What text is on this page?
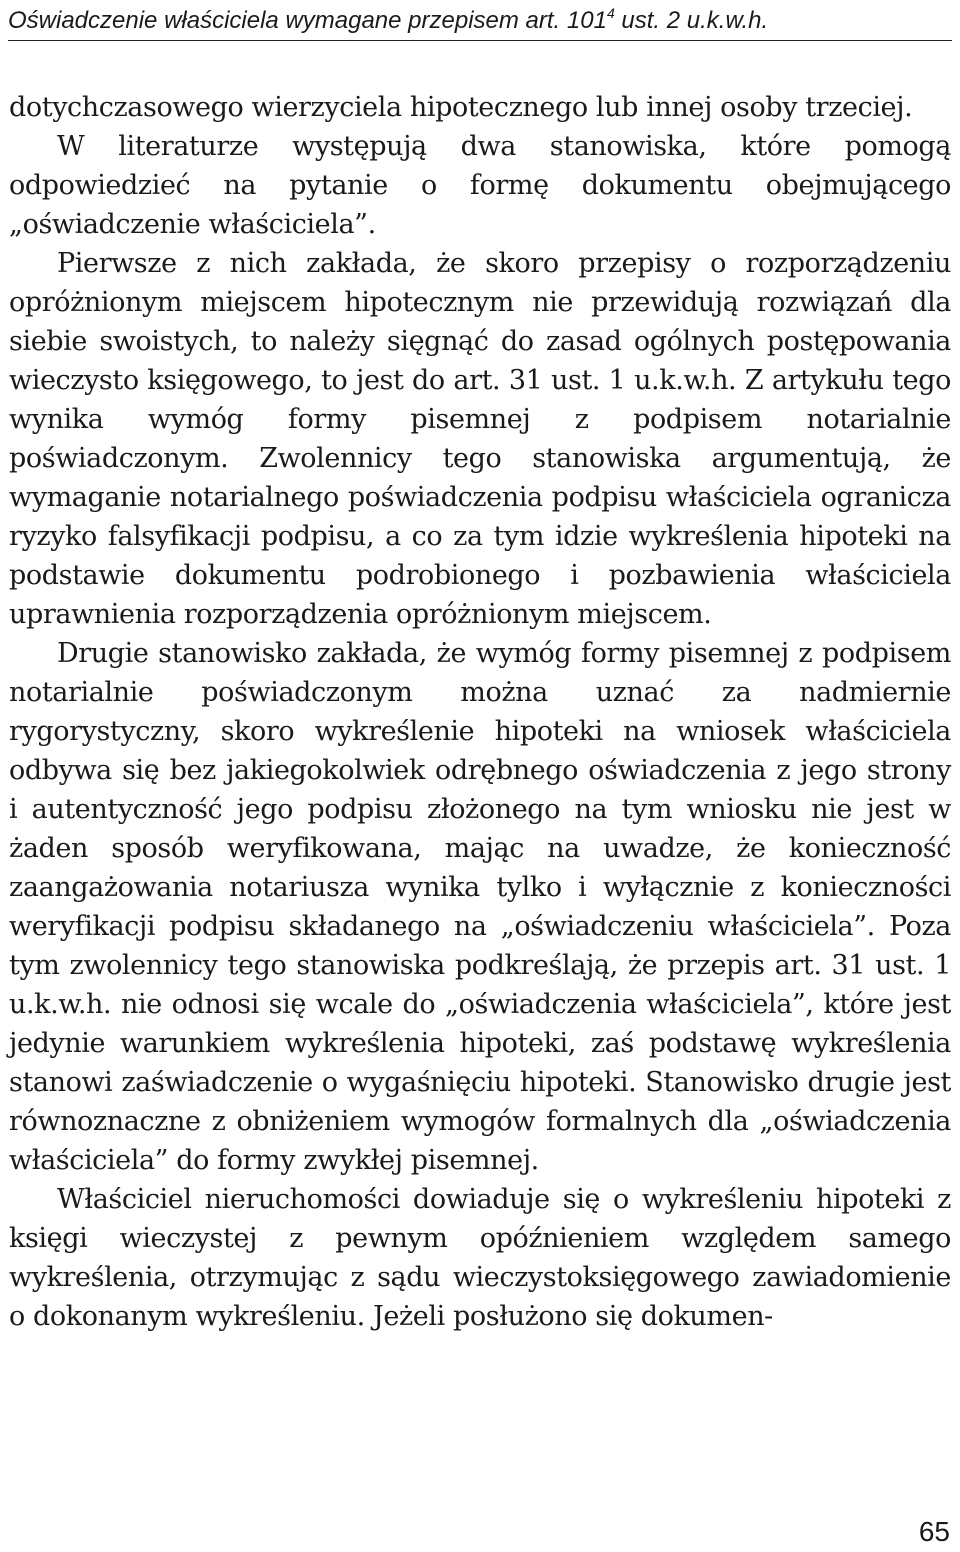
Oświadczenie właściciela wymagane przepisem art. $101^4$ ust. 2 u.k.w.h.

dotychczasowego wierzyciela hipotecznego lub innej osoby trzeciej.

W literaturze występują dwa stanowiska, które pomogą odpowiedzieć na pytanie o formę dokumentu obejmującego „oświadczenie właściciela”.

Pierwsze z nich zakłada, że skoro przepisy o rozporządzeniu opróżnionym miejscem hipotecznym nie przewidują rozwiązań dla siebie swoistych, to należy sięgnąć do zasad ogólnych postępowania wieczysto księgowego, to jest do art. 31 ust. 1 u.k.w.h. Z artykułu tego wynika wymóg formy pisemnej z podpisem notarialnie poświadczonym. Zwolennicy tego stanowiska argumentują, że wymaganie notarialnego poświadczenia podpisu właściciela ogranicza ryzyko falsyfikacji podpisu, a co za tym idzie wykreślenia hipoteki na podstawie dokumentu podrobionego i pozbawienia właściciela uprawnienia rozporządzenia opróżnionym miejscem.

Drugie stanowisko zakłada, że wymóg formy pisemnej z podpisem notarialnie poświadczonym można uznać za nadmiernie rygorystyczny, skoro wykreślenie hipoteki na wniosek właściciela odbywa się bez jakiegokolwiek odrębnego oświadczenia z jego strony i autentyczność jego podpisu złożonego na tym wniosku nie jest w żaden sposób weryfikowana, mając na uwadze, że konieczność zaangażowania notariusza wynika tylko i wyłącznie z konieczności weryfikacji podpisu składanego na „oświadczeniu właściciela”. Poza tym zwolennicy tego stanowiska podkreślają, że przepis art. 31 ust. 1 u.k.w.h. nie odnosi się wcale do „oświadczenia właściciela”, które jest jedynie warunkiem wykreślenia hipoteki, zaś podstawę wykreślenia stanowi zaświadczenie o wygaśnięciu hipoteki. Stanowisko drugie jest równoznaczne z obniżeniem wymogów formalnych dla „oświadczenia właściciela” do formy zwykłej pisemnej.

Właściciel nieruchomości dowiaduje się o wykreśleniu hipoteki z księgi wieczystej z pewnym opóźnieniem względem samego wykreślenia, otrzymując z sądu wieczystoksięgowego zawiadomienie o dokonanym wykreśleniu. Jeżeli posłużono się dokumen-

65
